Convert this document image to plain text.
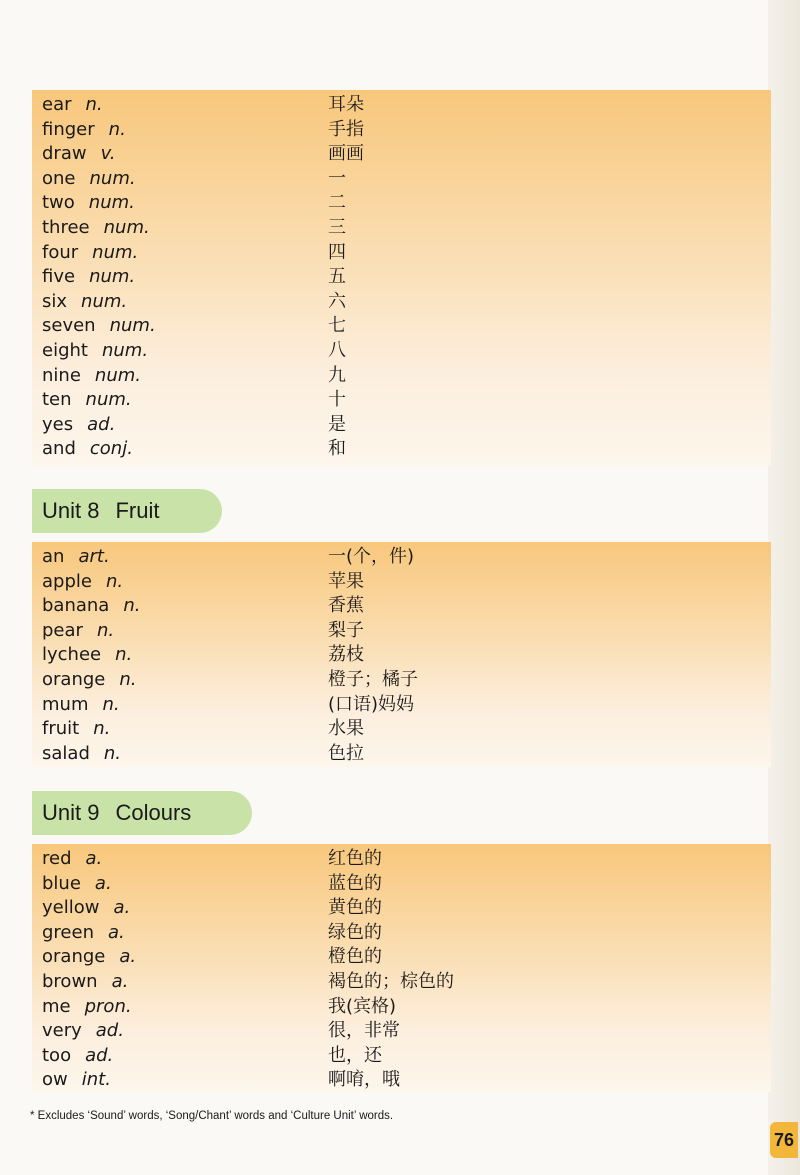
ear n.	耳朵
finger n.	手指
draw v.	画画
one num.	一
two num.	二
three num.	三
four num.	四
five num.	五
six num.	六
seven num.	七
eight num.	八
nine num.	九
ten num.	十
yes ad.	是
and conj.	和
Unit 8 Fruit
an art.	一(个，件)
apple n.	苹果
banana n.	香蕉
pear n.	梨子
lychee n.	荔枝
orange n.	橙子；橘子
mum n.	(口语)妈妈
fruit n.	水果
salad n.	色拉
Unit 9 Colours
red a.	红色的
blue a.	蓝色的
yellow a.	黄色的
green a.	绿色的
orange a.	橙色的
brown a.	褐色的；棕色的
me pron.	我(宾格)
very ad.	很，非常
too ad.	也，还
ow int.	啊唷，哦
* Excludes ‘Sound’ words, ‘Song/Chant’ words and ‘Culture Unit’ words.
76
